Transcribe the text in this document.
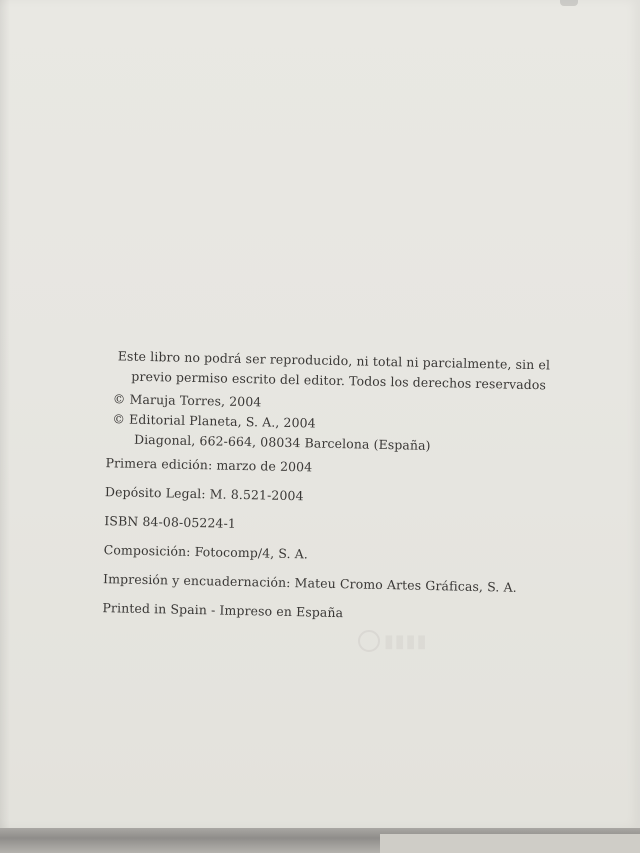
Este libro no podrá ser reproducido, ni total ni parcialmente, sin el
previo permiso escrito del editor. Todos los derechos reservados
© Maruja Torres, 2004
© Editorial Planeta, S. A., 2004
Diagonal, 662-664, 08034 Barcelona (España)
Primera edición: marzo de 2004
Depósito Legal: M. 8.521-2004
ISBN 84-08-05224-1
Composición: Fotocomp/4, S. A.
Impresión y encuadernación: Mateu Cromo Artes Gráficas, S. A.
Printed in Spain - Impreso en España
▮▮▮▮
